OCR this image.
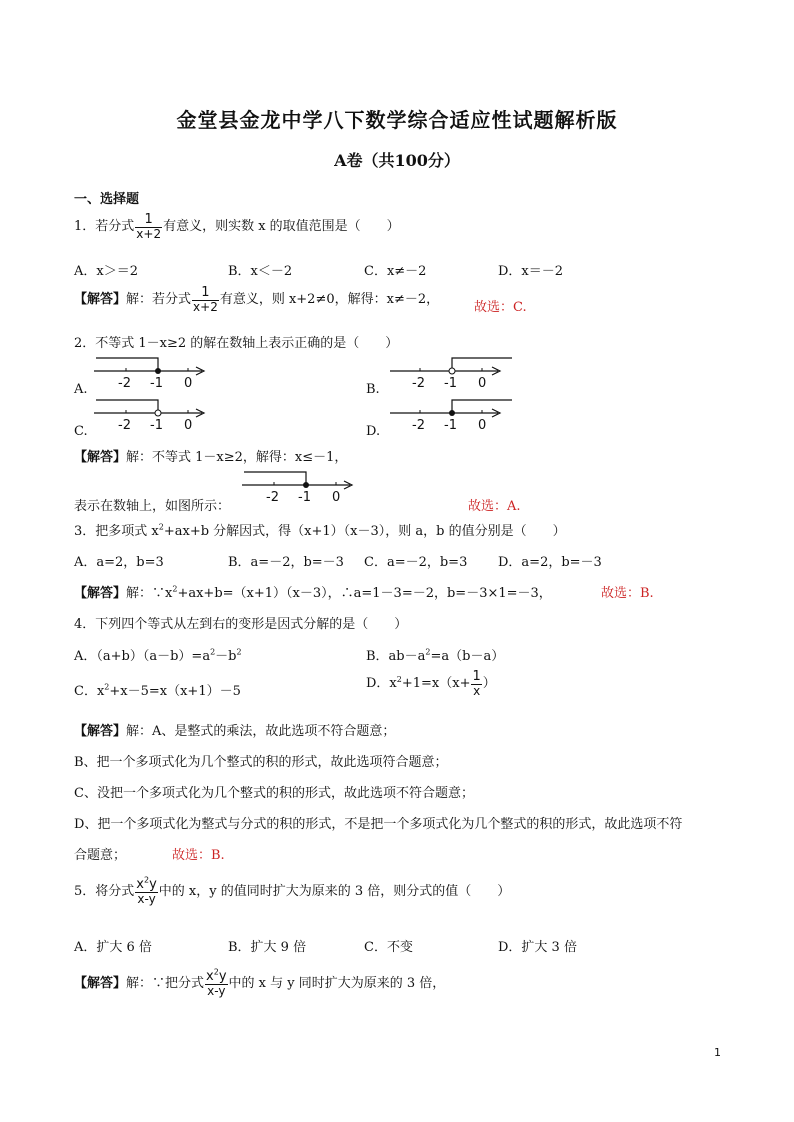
金堂县金龙中学八下数学综合适应性试题解析版
A卷（共100分）
一、选择题
1．若分式 $\frac{1}{x+2}$ 有意义，则实数 x 的取值范围是（　　）
A．x＞＝2	B．x＜－2	C．x≠－2	D．x＝－2
【解答】解：若分式 $\frac{1}{x+2}$ 有意义，则 x+2≠0，解得：x≠－2，
故选：C.
2．不等式 1－x≥2 的解在数轴上表示正确的是（　　）
A. -2 -1 0	B. -2 -1 0
C. -2 -1 0	D. -2 -1 0
【解答】解：不等式 1－x≥2，解得：x≤－1，
表示在数轴上，如图所示：
-2 -1 0
故选：A.
3．把多项式 $x^2+ax+b$ 分解因式，得（x+1）（x－3），则 a，b 的值分别是（　　）
A．a=2，b=3	B．a=－2，b=－3 C．a=－2，b=3 D．a=2，b=－3
【解答】解：$\because x^2+ax+b=(x+1)(x-3)$，∴a=1－3=－2，b=－3×1=－3，	故选：B.
4．下列四个等式从左到右的变形是因式分解的是（　　）
A．$(a+b)(a-b)=a^2-b^2$	B．$ab-a^2=a(b-a)$
C．$x^2+x-5=x(x+1)-5$
D．$x^2+1=x(x+ \frac{1}{x}$ ）
【解答】解：A、是整式的乘法，故此选项不符合题意；
B、把一个多项式化为几个整式的积的形式，故此选项符合题意；
C、没把一个多项式化为几个整式的积的形式，故此选项不符合题意；
D、把一个多项式化为整式与分式的积的形式，不是把一个多项式化为几个整式的积的形式，故此选项不符
合题意；	故选：B.
5．将分式 $\frac{x^2y}{x-y}$ 中的 x，y 的值同时扩大为原来的 3 倍，则分式的值（　　）
A．扩大 6 倍	B．扩大 9 倍	C．不变	D．扩大 3 倍
【解答】解：∵把分式 $\frac{x^2y}{x-y}$ 中的 x 与 y 同时扩大为原来的 3 倍，
1
